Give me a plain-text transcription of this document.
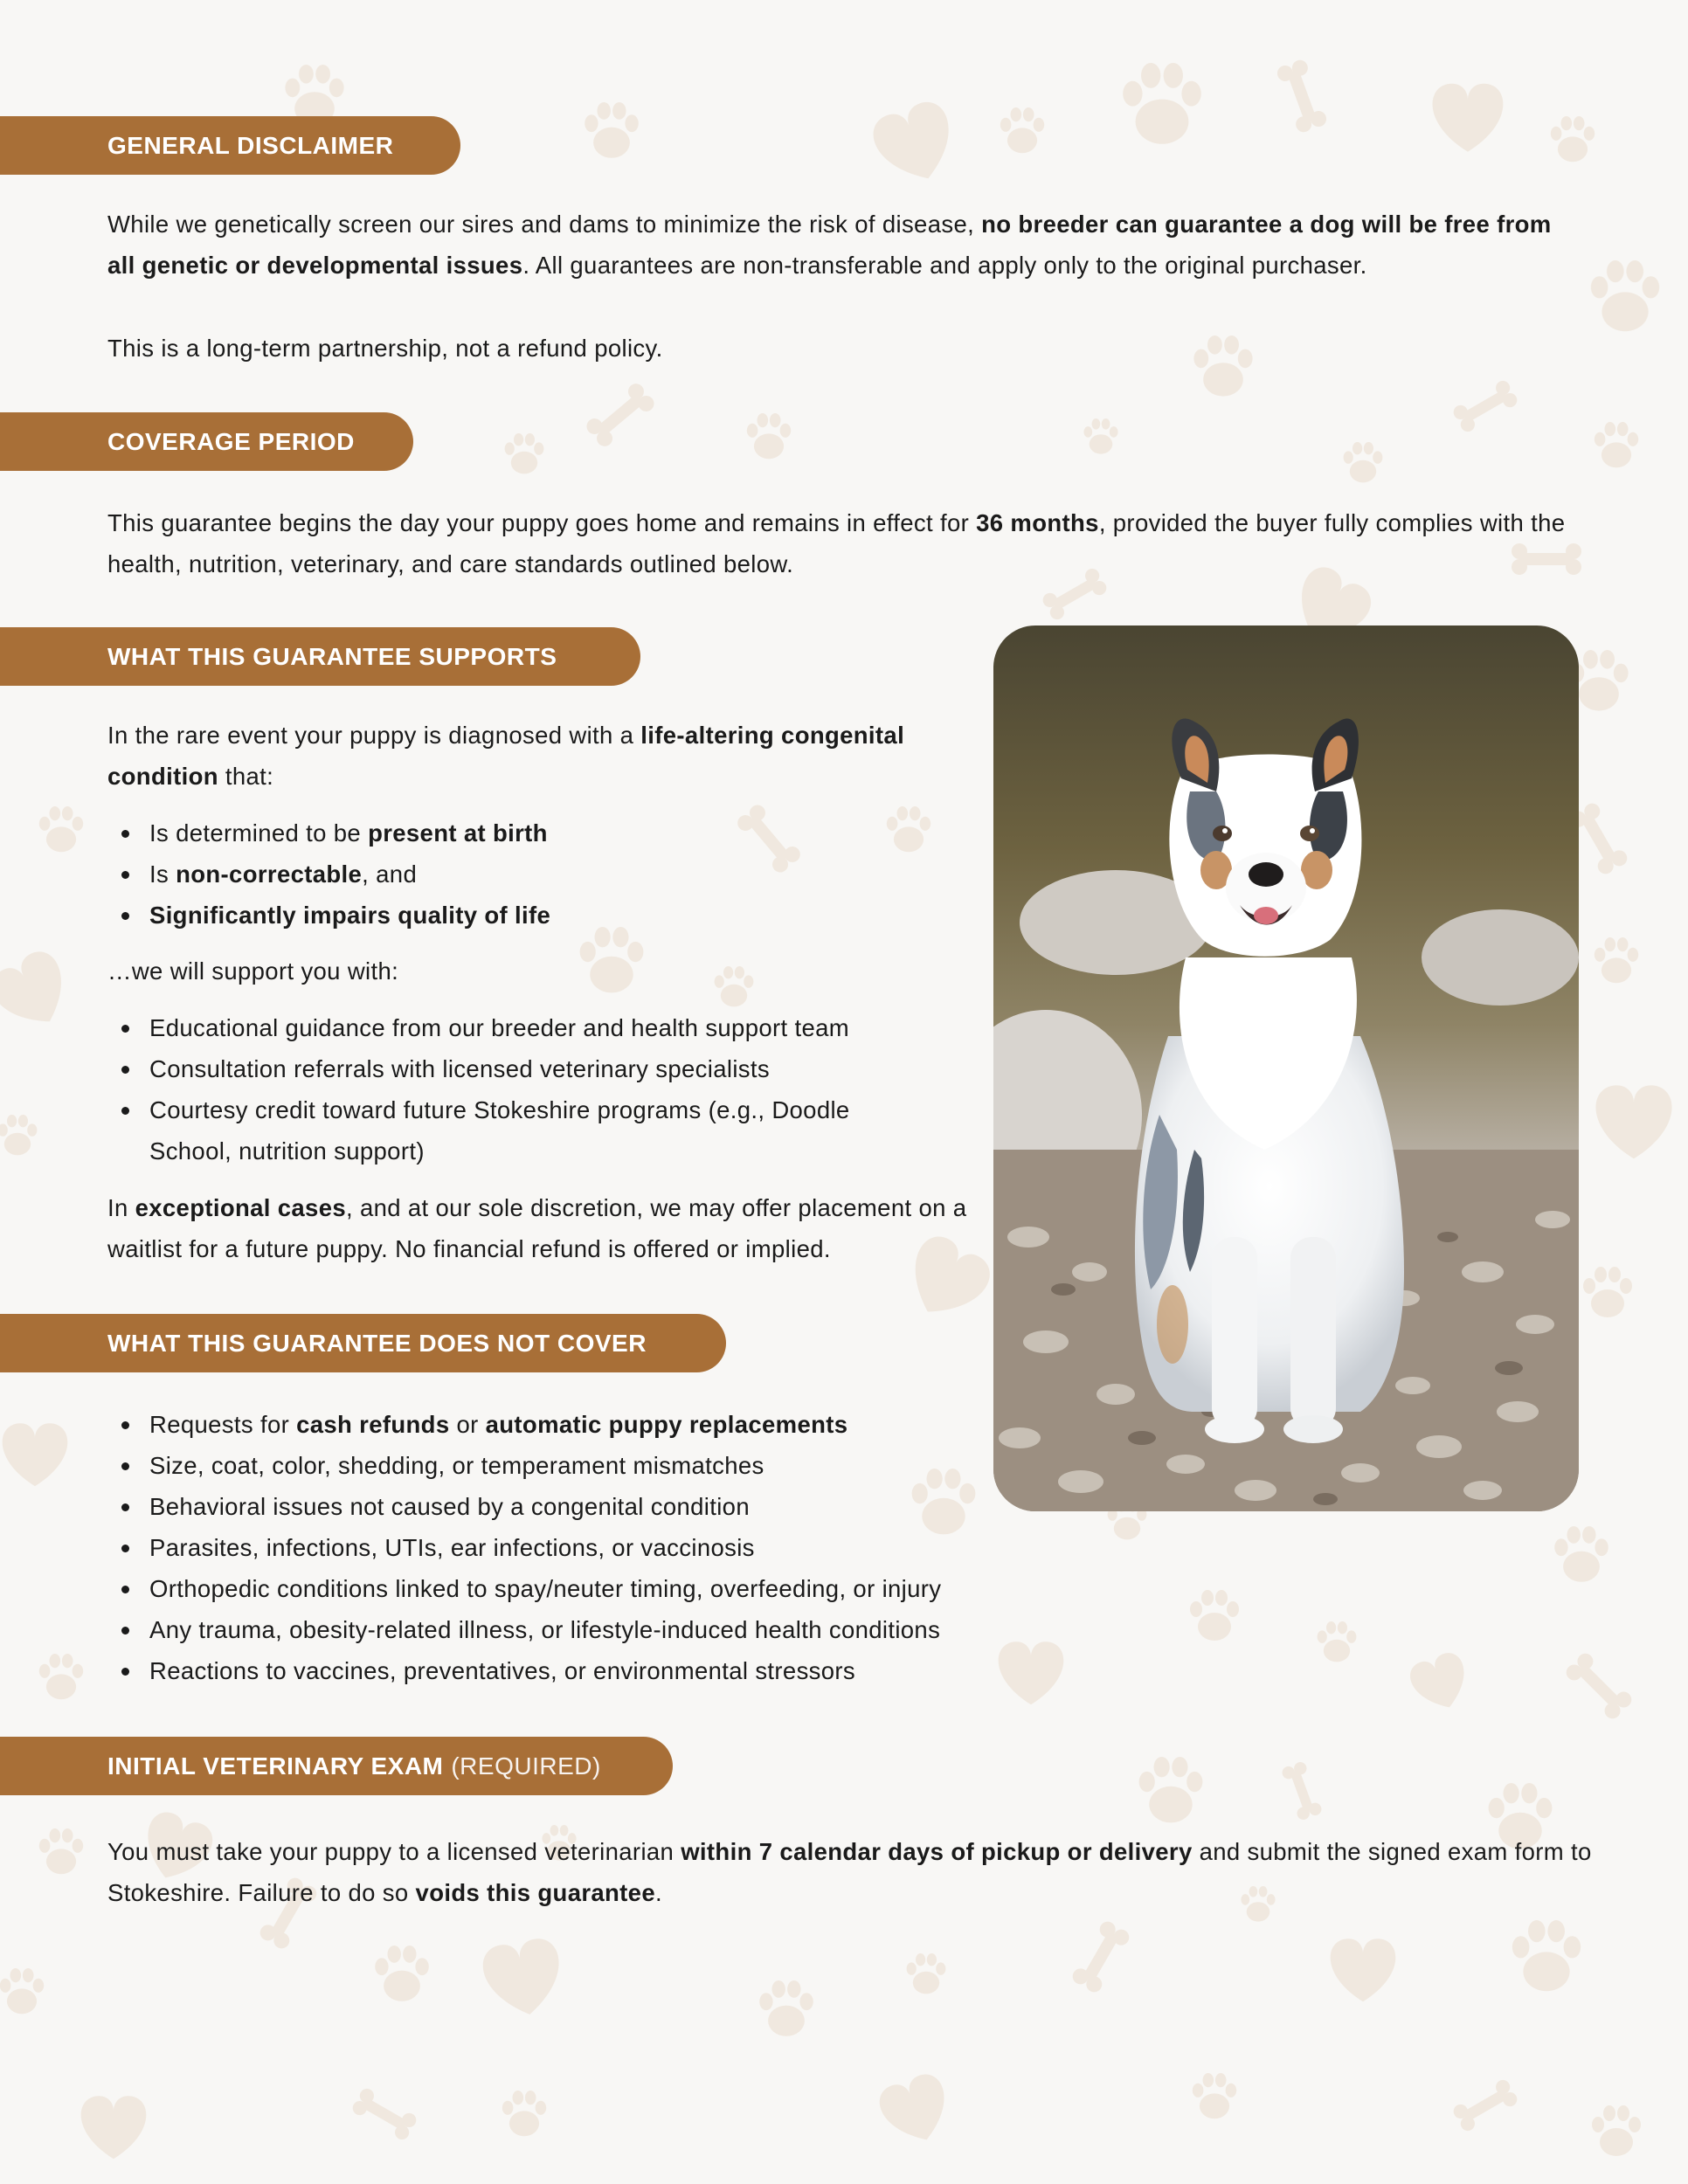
GENERAL DISCLAIMER

While we genetically screen our sires and dams to minimize the risk of disease, no breeder can guarantee a dog will be free from all genetic or developmental issues. All guarantees are non-transferable and apply only to the original purchaser.

This is a long-term partnership, not a refund policy.

COVERAGE PERIOD

This guarantee begins the day your puppy goes home and remains in effect for 36 months, provided the buyer fully complies with the health, nutrition, veterinary, and care standards outlined below.

WHAT THIS GUARANTEE SUPPORTS

In the rare event your puppy is diagnosed with a life-altering congenital condition that:

Is determined to be present at birth
Is non-correctable, and
Significantly impairs quality of life

…we will support you with:

Educational guidance from our breeder and health support team
Consultation referrals with licensed veterinary specialists
Courtesy credit toward future Stokeshire programs (e.g., Doodle School, nutrition support)

In exceptional cases, and at our sole discretion, we may offer placement on a waitlist for a future puppy. No financial refund is offered or implied.

WHAT THIS GUARANTEE DOES NOT COVER
Requests for cash refunds or automatic puppy replacements
Size, coat, color, shedding, or temperament mismatches
Behavioral issues not caused by a congenital condition
Parasites, infections, UTIs, ear infections, or vaccinosis
Orthopedic conditions linked to spay/neuter timing, overfeeding, or injury
Any trauma, obesity-related illness, or lifestyle-induced health conditions
Reactions to vaccines, preventatives, or environmental stressors
INITIAL VETERINARY EXAM (REQUIRED)

You must take your puppy to a licensed veterinarian within 7 calendar days of pickup or delivery and submit the signed exam form to Stokeshire. Failure to do so voids this guarantee.
